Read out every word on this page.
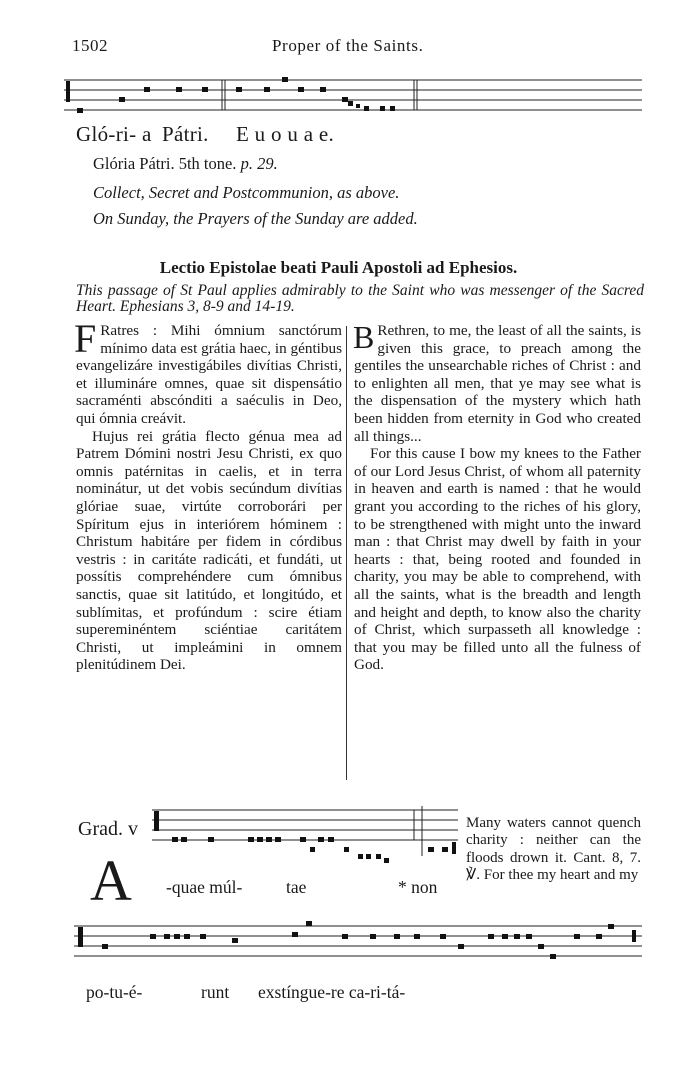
1502	Proper of the Saints.
Gló-ri- a Pátri. E u o u a e.
Glória Pátri. 5th tone. p. 29.
Collect, Secret and Postcommunion, as above.
On Sunday, the Prayers of the Sunday are added.
Lectio Epistolae beati Pauli Apostoli ad Ephesios.
This passage of St Paul applies admirably to the Saint who was messenger of the Sacred Heart. Ephesians 3, 8-9 and 14-19.

F Ratres : Mihi ómnium sanctórum mínimo data est grátia haec, in géntibus evangelizáre investigábiles divítias Christi, et illumináre omnes, quae sit dispensátio sacraménti abscónditi a saéculis in Deo, qui ómnia creávit.

Hujus rei grátia flecto génua mea ad Patrem Dómini nostri Jesu Christi, ex quo omnis patérnitas in caelis, et in terra nominátur, ut det vobis secúndum divítias glóriae suae, virtúte corroborári per Spíritum ejus in interiórem hóminem : Christum habitáre per fidem in córdibus vestris : in caritáte radicáti, et fundáti, ut possítis comprehéndere cum ómnibus sanctis, quae sit latitúdo, et longitúdo, et sublímitas, et profúndum : scire étiam supereminéntem sciéntiae caritátem Christi, ut impleámini in omnem plenitúdinem Dei.

B Rethren, to me, the least of all the saints, is given this grace, to preach among the gentiles the unsearchable riches of Christ : and to enlighten all men, that ye may see what is the dispensation of the mystery which hath been hidden from eternity in God who created all things...

For this cause I bow my knees to the Father of our Lord Jesus Christ, of whom all paternity in heaven and earth is named : that he would grant you according to the riches of his glory, to be strengthened with might unto the inward man : that Christ may dwell by faith in your hearts : that, being rooted and founded in charity, you may be able to comprehend, with all the saints, what is the breadth and length and height and depth, to know also the charity of Christ, which surpasseth all knowledge : that you may be filled unto all the fulness of God.

Grad. v
A -quae múl- tae	* non
Many waters cannot quench charity : neither can the floods drown it. Cant. 8, 7. ℣. For thee my heart and my
po-tu-é-	runt exstíngue-re ca-ri-tá-
